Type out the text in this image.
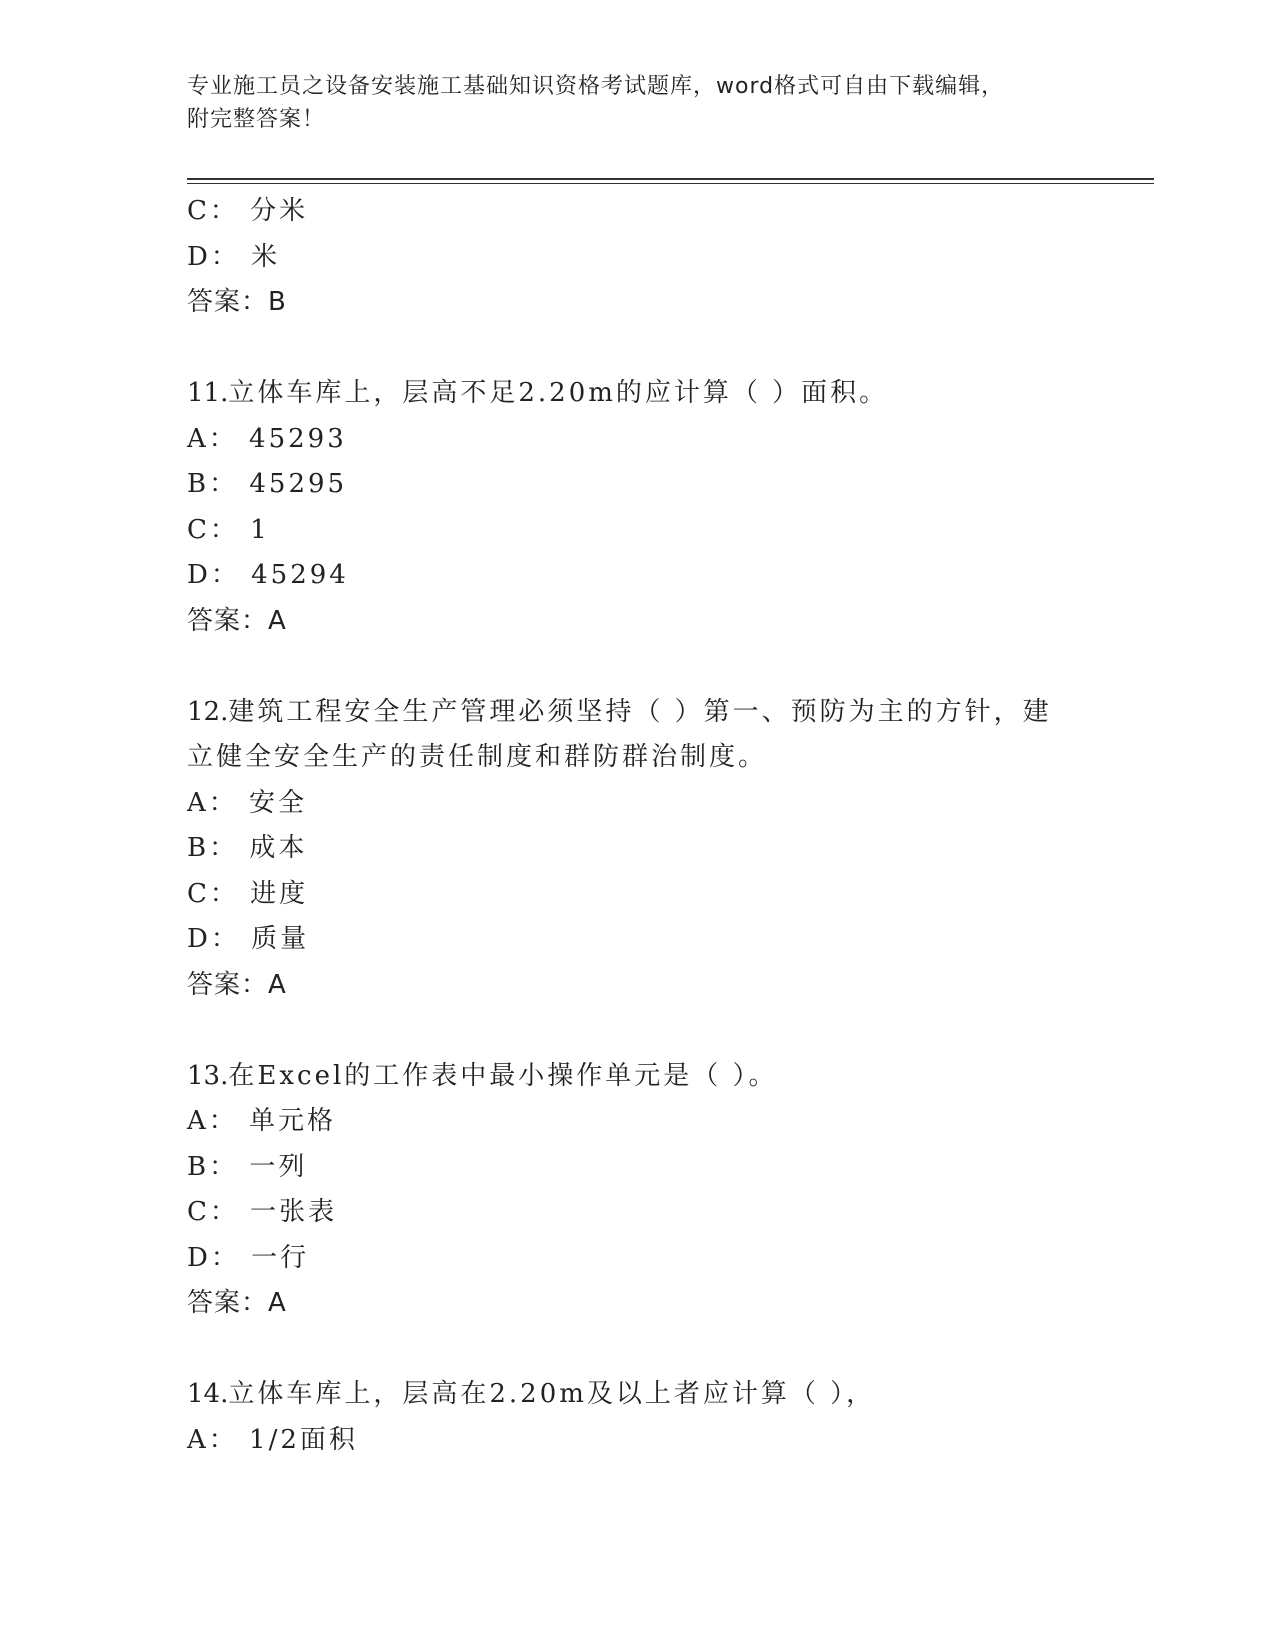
专业施工员之设备安装施工基础知识资格考试题库，word格式可自由下载编辑，
附完整答案！
C： 分米
D： 米
答案：B
11.立体车库上，层高不足2.20m的应计算（ ）面积。
A： 45293
B： 45295
C： 1
D： 45294
答案：A
12.建筑工程安全生产管理必须坚持（ ）第一、预防为主的方针，建立健全安全生产的责任制度和群防群治制度。
A： 安全
B： 成本
C： 进度
D： 质量
答案：A
13.在Excel的工作表中最小操作单元是（ ）。
A： 单元格
B： 一列
C： 一张表
D： 一行
答案：A
14.立体车库上，层高在2.20m及以上者应计算（ ），
A： 1/2面积
